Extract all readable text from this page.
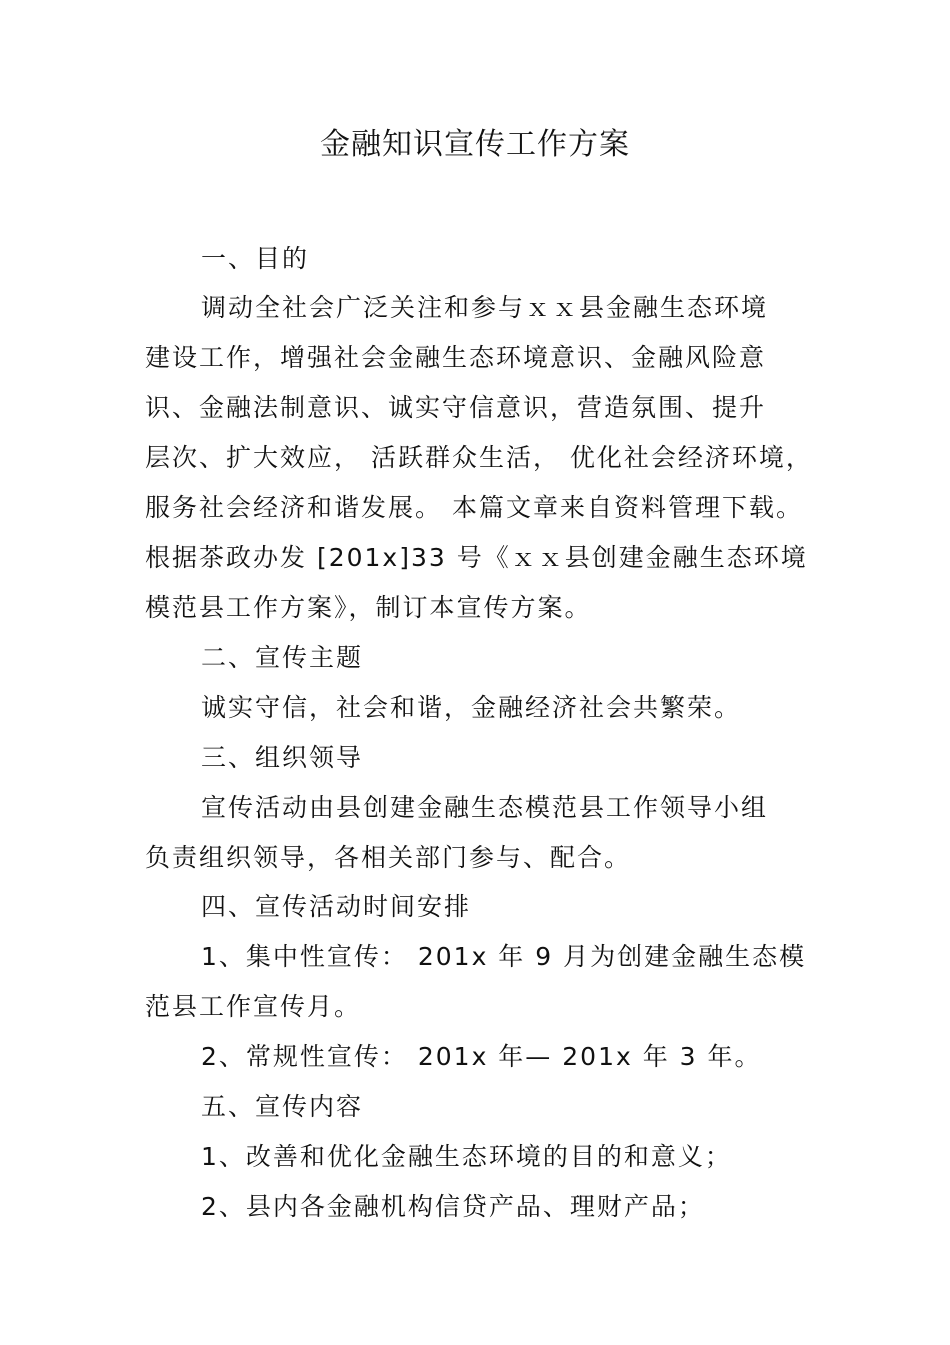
金融知识宣传工作方案
一、目的
调动全社会广泛关注和参与ｘｘ县金融生态环境
建设工作，增强社会金融生态环境意识、金融风险意
识、金融法制意识、诚实守信意识，营造氛围、提升
层次、扩大效应， 活跃群众生活， 优化社会经济环境，
服务社会经济和谐发展。 本篇文章来自资料管理下载。
根据茶政办发 [201x]33 号《ｘｘ县创建金融生态环境
模范县工作方案》，制订本宣传方案。
二、宣传主题
诚实守信，社会和谐，金融经济社会共繁荣。
三、组织领导
宣传活动由县创建金融生态模范县工作领导小组
负责组织领导，各相关部门参与、配合。
四、宣传活动时间安排
1、集中性宣传： 201x 年 9 月为创建金融生态模
范县工作宣传月。
2、常规性宣传： 201x 年— 201x 年 3 年。
五、宣传内容
1、改善和优化金融生态环境的目的和意义；
2、县内各金融机构信贷产品、理财产品；
